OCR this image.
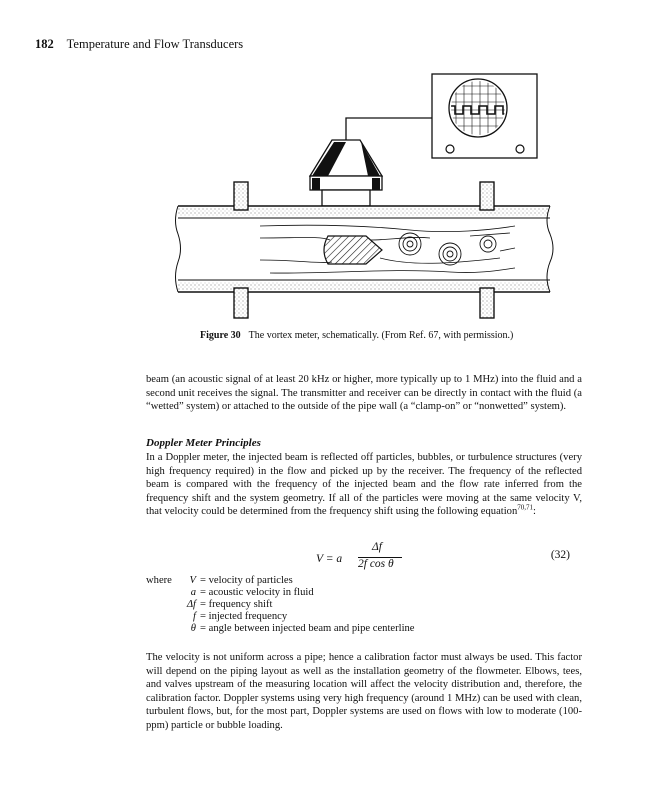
182 Temperature and Flow Transducers
Figure 30 The vortex meter, schematically. (From Ref. 67, with permission.)
beam (an acoustic signal of at least 20 kHz or higher, more typically up to 1 MHz) into the fluid and a second unit receives the signal. The transmitter and receiver can be directly in contact with the fluid (a “wetted” system) or attached to the outside of the pipe wall (a “clamp-on” or “nonwetted” system).
Doppler Meter Principles
In a Doppler meter, the injected beam is reflected off particles, bubbles, or turbulence structures (very high frequency required) in the flow and picked up by the receiver. The frequency of the reflected beam is compared with the frequency of the injected beam and the flow rate inferred from the frequency shift and the system geometry. If all of the particles were moving at the same velocity V, that velocity could be determined from the frequency shift using the following equation$^{70,71}$:
V = a
Δf
2f cos θ
(32)
where	V = velocity of particles
a = acoustic velocity in fluid
Δf = frequency shift
f = injected frequency
θ = angle between injected beam and pipe centerline
The velocity is not uniform across a pipe; hence a calibration factor must always be used. This factor will depend on the piping layout as well as the installation geometry of the flowmeter. Elbows, tees, and valves upstream of the measuring location will affect the velocity distribution and, therefore, the calibration factor. Doppler systems using very high frequency (around 1 MHz) can be used with clean, turbulent flows, but, for the most part, Doppler systems are used on flows with low to moderate (100-ppm) particle or bubble loading.
